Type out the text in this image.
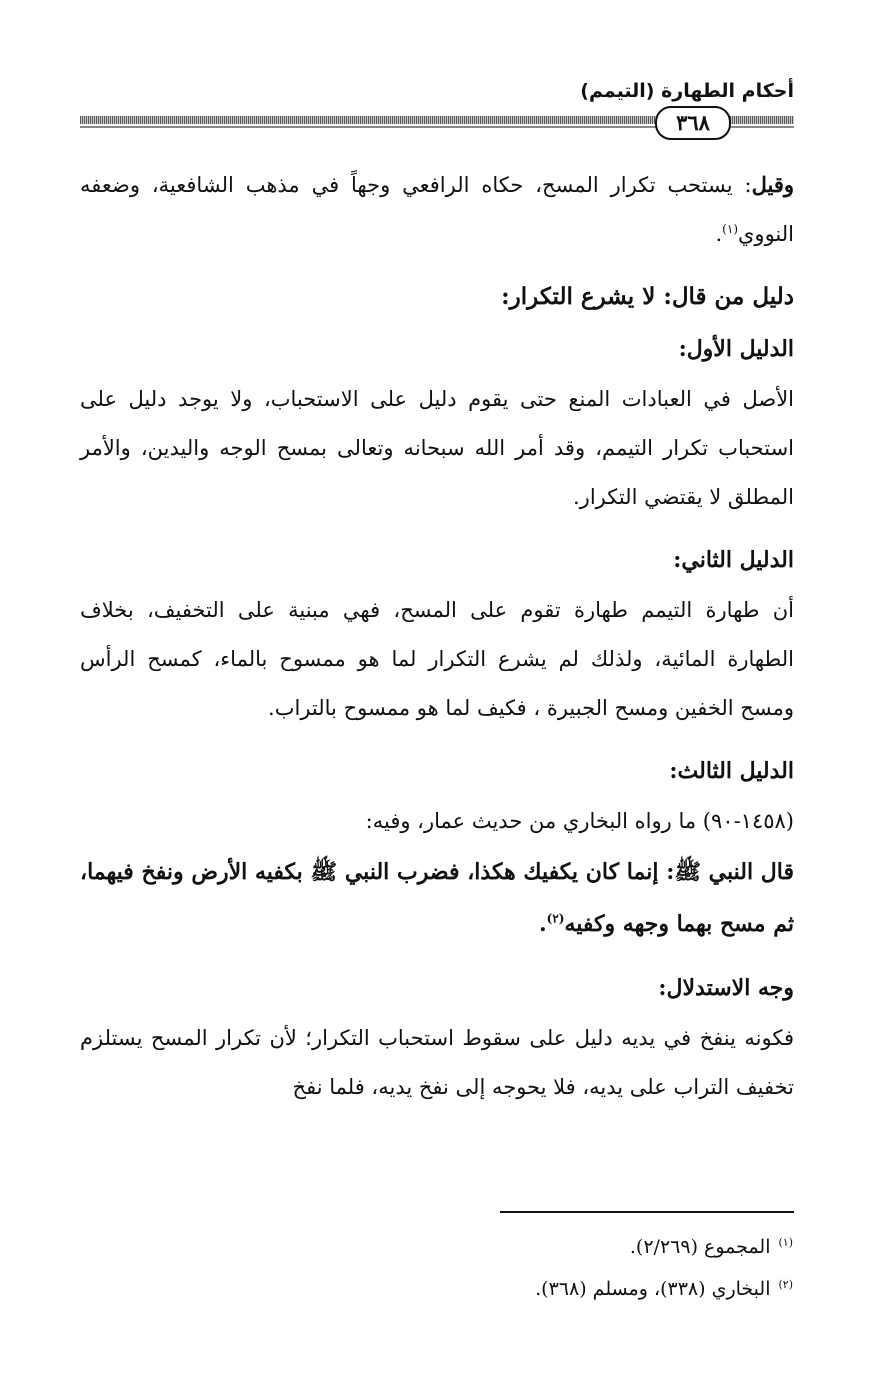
أحكام الطهارة (التيمم)
٣٦٨

وقيل: يستحب تكرار المسح، حكاه الرافعي وجهاً في مذهب الشافعية، وضعفه النووي$^{(١)}$.

دليل من قال: لا يشرع التكرار:

الدليل الأول:

الأصل في العبادات المنع حتى يقوم دليل على الاستحباب، ولا يوجد دليل على استحباب تكرار التيمم، وقد أمر الله سبحانه وتعالى بمسح الوجه واليدين، والأمر المطلق لا يقتضي التكرار.

الدليل الثاني:

أن طهارة التيمم طهارة تقوم على المسح، فهي مبنية على التخفيف، بخلاف الطهارة المائية، ولذلك لم يشرع التكرار لما هو ممسوح بالماء، كمسح الرأس ومسح الخفين ومسح الجبيرة ، فكيف لما هو ممسوح بالتراب.

الدليل الثالث:

(١٤٥٨-٩٠) ما رواه البخاري من حديث عمار، وفيه:

قال النبي ﷺ: إنما كان يكفيك هكذا، فضرب النبي ﷺ بكفيه الأرض ونفخ فيهما، ثم مسح بهما وجهه وكفيه$^{(٢)}$.

وجه الاستدلال:

فكونه ينفخ في يديه دليل على سقوط استحباب التكرار؛ لأن تكرار المسح يستلزم تخفيف التراب على يديه، فلا يحوجه إلى نفخ يديه، فلما نفخ

$^{(١)}$المجموع (٢/٢٦٩).

$^{(٢)}$البخاري (٣٣٨)، ومسلم (٣٦٨).
